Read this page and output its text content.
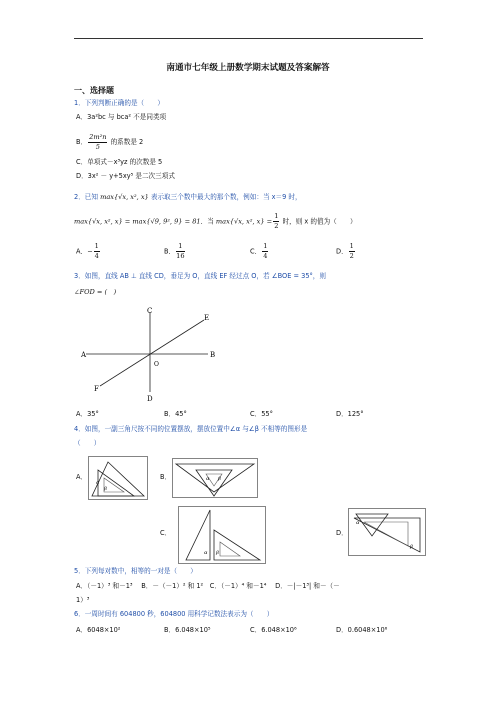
南通市七年级上册数学期末试题及答案解答
一、选择题
1．下列判断正确的是（　　）
A．3a²bc 与 bca² 不是同类项
B． $\frac{\text{2m²n}}{5}$ 的系数是 2
C．单项式－x³yz 的次数是 5
D．3x² － y+5xy⁵ 是二次三项式
2．已知 max{√x, x², x} 表示取三个数中最大的那个数，例如：当 x＝9 时，
max{√x, x², x} = max{√9, 9², 9} = 81．当 max{√x, x², $x\} = \frac{1}{2}$ 时，则 x 的值为（　　）
A．− $\frac{1}{4}$	B． $\frac{1}{16}$	C． $\frac{1}{4}$	D． $\frac{1}{2}$
3．如图，直线 AB ⊥ 直线 CD，垂足为 O，直线 EF 经过点 O，若 ∠BOE = 35°，则
∠FOD = (　)
C
E
A	B
O
F
D
A．35°	B．45°	C．55°	D．125°
4．如图，一副三角尺按不同的位置摆放，摆放位置中∠α 与∠β 不相等的图形是
（　　）
A．
α
β
B．	α β
C．
α β
D．
α
β
5．下列每对数中，相等的一对是（　　）
A．（－1）³ 和－1³　 B．－（－1）² 和 1²　C．（－1）⁴ 和－1⁴　 D．－|－1³| 和－（－
1）³
6．一周时间有 604800 秒，604800 用科学记数法表示为（　　）
A．6048×10²	B．6.048×10⁵	C．6.048×10⁶	D．0.6048×10⁶
